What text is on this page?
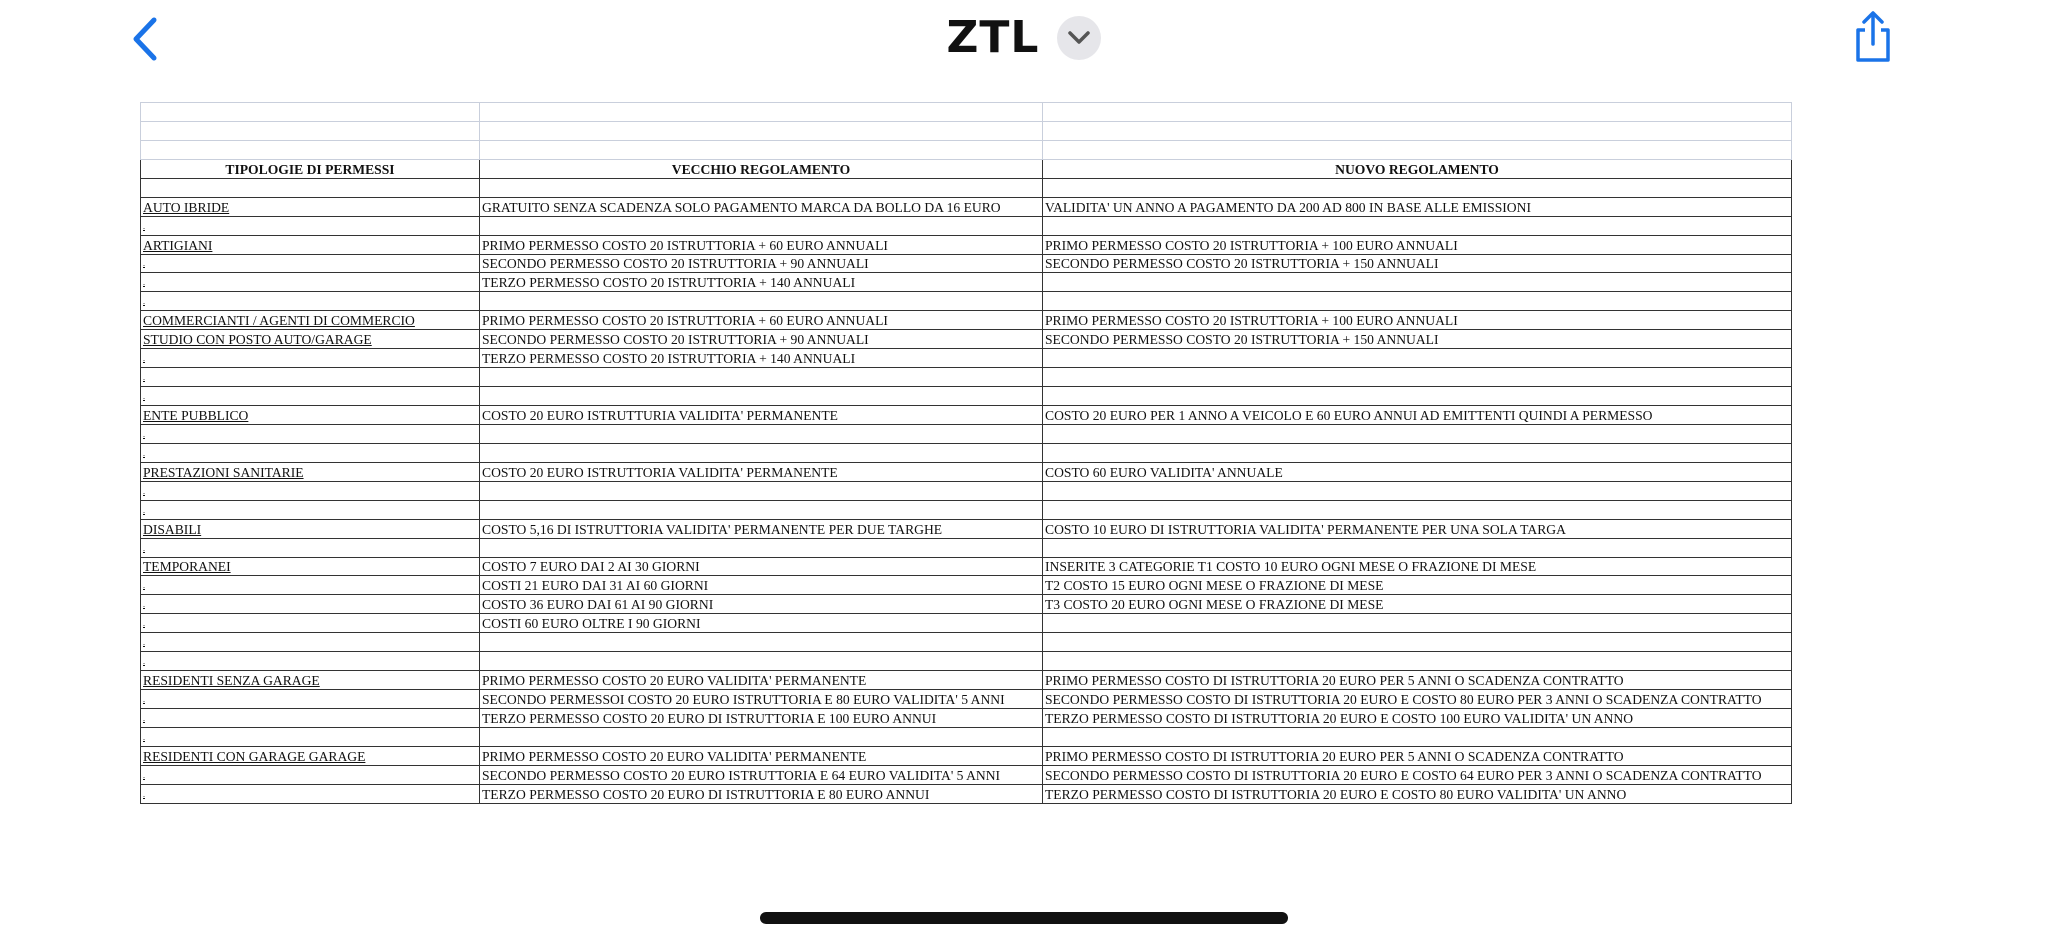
ZTL

TIPOLOGIE DI PERMESSI	VECCHIO REGOLAMENTO	NUOVO REGOLAMENTO

AUTO IBRIDE	GRATUITO SENZA SCADENZA SOLO PAGAMENTO MARCA DA BOLLO DA 16 EURO	VALIDITA' UN ANNO A PAGAMENTO DA 200 AD 800 IN BASE ALLE EMISSIONI
.		
ARTIGIANI	PRIMO PERMESSO COSTO 20 ISTRUTTORIA + 60 EURO ANNUALI	PRIMO PERMESSO COSTO 20 ISTRUTTORIA + 100 EURO ANNUALI
.	SECONDO PERMESSO COSTO 20 ISTRUTTORIA + 90 ANNUALI	SECONDO PERMESSO COSTO 20 ISTRUTTORIA + 150 ANNUALI
.	TERZO PERMESSO COSTO 20 ISTRUTTORIA + 140 ANNUALI	
.		
COMMERCIANTI / AGENTI DI COMMERCIO	PRIMO PERMESSO COSTO 20 ISTRUTTORIA + 60 EURO ANNUALI	PRIMO PERMESSO COSTO 20 ISTRUTTORIA + 100 EURO ANNUALI
STUDIO CON POSTO AUTO/GARAGE	SECONDO PERMESSO COSTO 20 ISTRUTTORIA + 90 ANNUALI	SECONDO PERMESSO COSTO 20 ISTRUTTORIA + 150 ANNUALI
.	TERZO PERMESSO COSTO 20 ISTRUTTORIA + 140 ANNUALI	
.		
.		
ENTE PUBBLICO	COSTO 20 EURO ISTRUTTURIA VALIDITA' PERMANENTE	COSTO 20 EURO PER 1 ANNO A VEICOLO E 60 EURO ANNUI AD EMITTENTI QUINDI A PERMESSO
.		
.		
PRESTAZIONI SANITARIE	COSTO 20 EURO ISTRUTTORIA VALIDITA' PERMANENTE	COSTO 60 EURO VALIDITA' ANNUALE
.		
.		
DISABILI	COSTO 5,16 DI ISTRUTTORIA VALIDITA' PERMANENTE PER DUE TARGHE	COSTO 10 EURO DI ISTRUTTORIA VALIDITA' PERMANENTE PER UNA SOLA TARGA
.		
TEMPORANEI	COSTO 7 EURO DAI 2 AI 30 GIORNI	INSERITE 3 CATEGORIE T1 COSTO 10 EURO OGNI MESE O FRAZIONE DI MESE
.	COSTI 21 EURO DAI 31 AI 60 GIORNI	T2 COSTO 15 EURO OGNI MESE O FRAZIONE DI MESE
.	COSTO 36 EURO DAI 61 AI 90 GIORNI	T3 COSTO 20 EURO OGNI MESE O FRAZIONE DI MESE
.	COSTI 60 EURO OLTRE I 90 GIORNI	
.		
.		
RESIDENTI SENZA GARAGE	PRIMO PERMESSO COSTO 20 EURO VALIDITA' PERMANENTE	PRIMO PERMESSO COSTO DI ISTRUTTORIA 20 EURO PER 5 ANNI O SCADENZA CONTRATTO
.	SECONDO PERMESSOI COSTO 20 EURO ISTRUTTORIA E 80 EURO VALIDITA' 5 ANNI	SECONDO PERMESSO COSTO DI ISTRUTTORIA 20 EURO E COSTO 80 EURO PER 3 ANNI O SCADENZA CONTRATTO
.	TERZO PERMESSO COSTO 20 EURO DI ISTRUTTORIA E 100 EURO ANNUI	TERZO PERMESSO COSTO DI ISTRUTTORIA 20 EURO E COSTO 100 EURO VALIDITA' UN ANNO
.		
RESIDENTI CON GARAGE GARAGE	PRIMO PERMESSO COSTO 20 EURO VALIDITA' PERMANENTE	PRIMO PERMESSO COSTO DI ISTRUTTORIA 20 EURO PER 5 ANNI O SCADENZA CONTRATTO
.	SECONDO PERMESSO COSTO 20 EURO ISTRUTTORIA E 64 EURO VALIDITA' 5 ANNI	SECONDO PERMESSO COSTO DI ISTRUTTORIA 20 EURO E COSTO 64 EURO PER 3 ANNI O SCADENZA CONTRATTO
.	TERZO PERMESSO COSTO 20 EURO DI ISTRUTTORIA E 80 EURO ANNUI	TERZO PERMESSO COSTO DI ISTRUTTORIA 20 EURO E COSTO 80 EURO VALIDITA' UN ANNO
